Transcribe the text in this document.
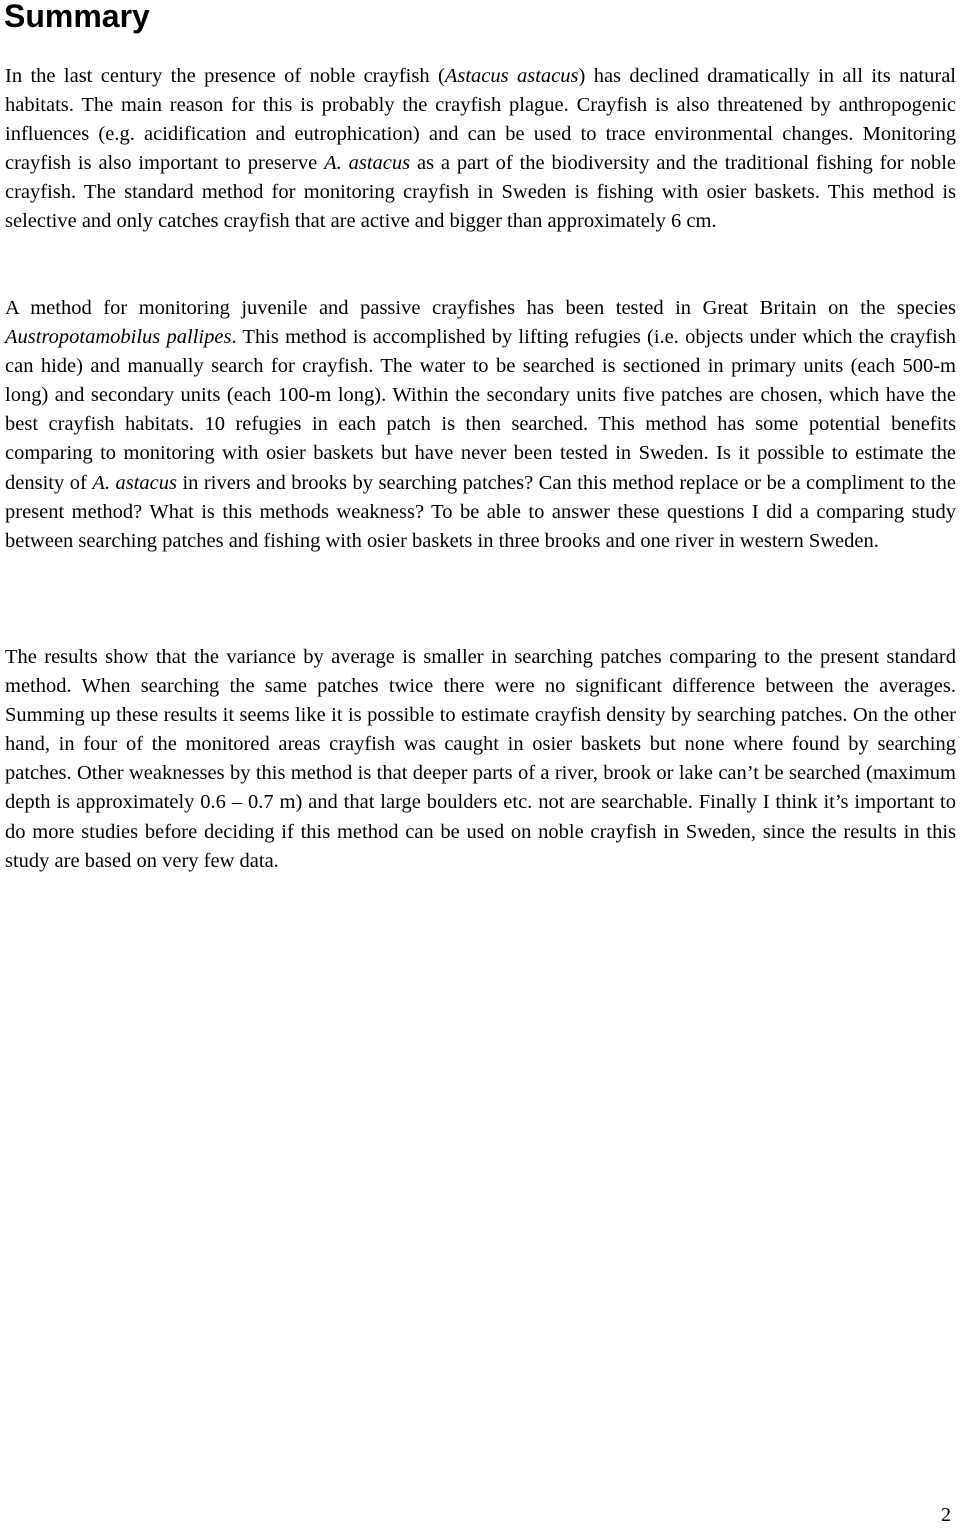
Summary

In the last century the presence of noble crayfish (Astacus astacus) has declined dramatically in all its natural habitats. The main reason for this is probably the crayfish plague. Crayfish is also threatened by anthropogenic influences (e.g. acidification and eutrophication) and can be used to trace environmental changes. Monitoring crayfish is also important to preserve A. astacus as a part of the biodiversity and the traditional fishing for noble crayfish. The standard method for monitoring crayfish in Sweden is fishing with osier baskets. This method is selective and only catches crayfish that are active and bigger than approximately 6 cm.

A method for monitoring juvenile and passive crayfishes has been tested in Great Britain on the species Austropotamobilus pallipes. This method is accomplished by lifting refugies (i.e. objects under which the crayfish can hide) and manually search for crayfish. The water to be searched is sectioned in primary units (each 500-m long) and secondary units (each 100-m long). Within the secondary units five patches are chosen, which have the best crayfish habitats. 10 refugies in each patch is then searched. This method has some potential benefits comparing to monitoring with osier baskets but have never been tested in Sweden. Is it possible to estimate the density of A. astacus in rivers and brooks by searching patches? Can this method replace or be a compliment to the present method? What is this methods weakness? To be able to answer these questions I did a comparing study between searching patches and fishing with osier baskets in three brooks and one river in western Sweden.

The results show that the variance by average is smaller in searching patches comparing to the present standard method. When searching the same patches twice there were no significant difference between the averages. Summing up these results it seems like it is possible to estimate crayfish density by searching patches. On the other hand, in four of the monitored areas crayfish was caught in osier baskets but none where found by searching patches. Other weaknesses by this method is that deeper parts of a river, brook or lake can’t be searched (maximum depth is approximately 0.6 – 0.7 m) and that large boulders etc. not are searchable. Finally I think it’s important to do more studies before deciding if this method can be used on noble crayfish in Sweden, since the results in this study are based on very few data.

2
